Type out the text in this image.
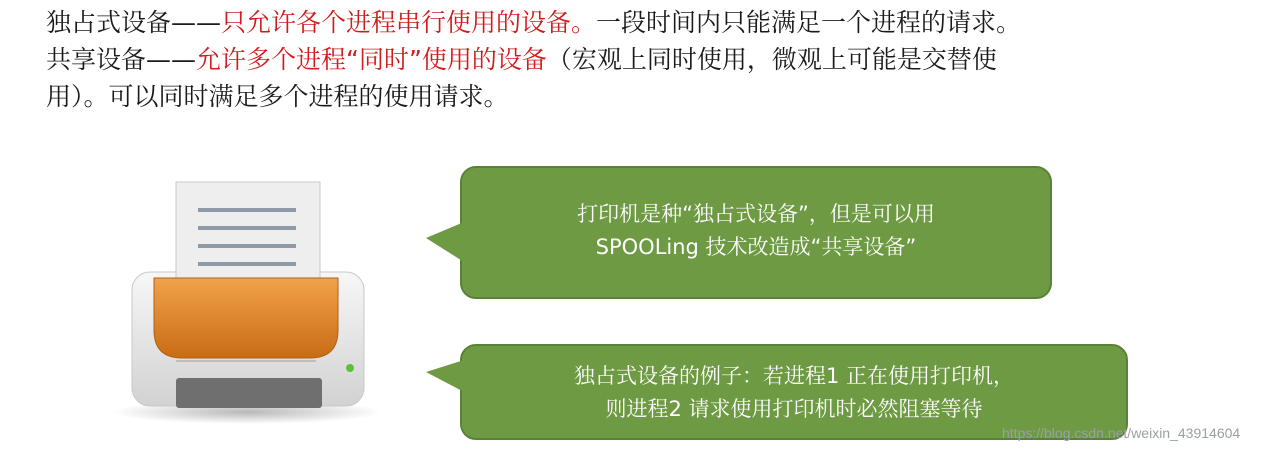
独占式设备——只允许各个进程串行使用的设备。一段时间内只能满足一个进程的请求。
共享设备——允许多个进程“同时”使用的设备（宏观上同时使用，微观上可能是交替使
用）。可以同时满足多个进程的使用请求。
打印机是种“独占式设备”，但是可以用
SPOOLing 技术改造成“共享设备”
独占式设备的例子：若进程1 正在使用打印机，
则进程2 请求使用打印机时必然阻塞等待
https://blog.csdn.net/weixin_43914604
